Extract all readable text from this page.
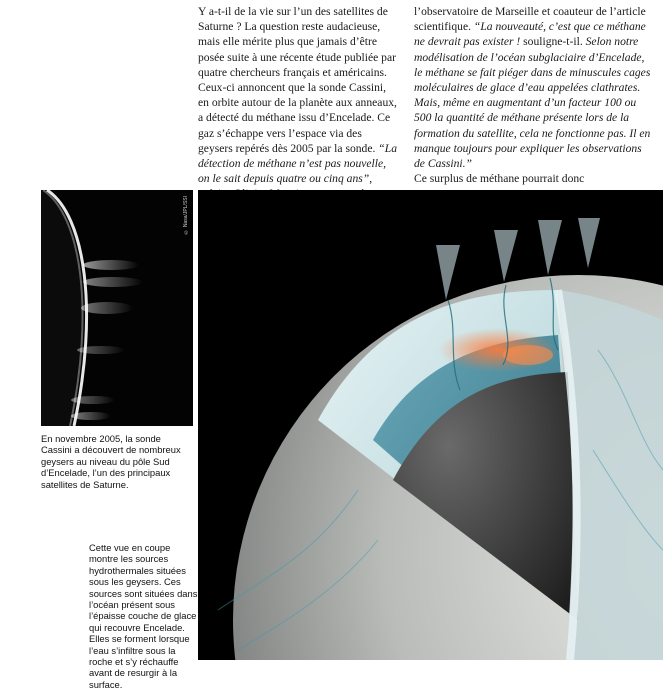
Y a-t-il de la vie sur l’un des satellites de Saturne ? La question reste audacieuse, mais elle mérite plus que jamais d’être posée suite à une récente étude publiée par quatre chercheurs français et américains. Ceux-ci annoncent que la sonde Cassini, en orbite autour de la planète aux anneaux, a détecté du méthane issu d’Encelade. Ce gaz s’échappe vers l’espace via des geysers repérés dès 2005 par la sonde. “La détection de méthane n’est pas nouvelle, on le sait depuis quatre ou cinq ans”,

l’observatoire de Marseille et coauteur de l’article scientifique. “La nouveauté, c’est que ce méthane ne devrait pas exister ! souligne-t-il. Selon notre modélisation de l’océan subglaciaire d’Encelade, le méthane se fait piéger dans de minuscules cages moléculaires de glace d’eau appelées clathrates. Mais, même en augmentant d’un facteur 100 ou 500 la quantité de méthane présente lors de la formation du satellite, cela ne fonctionne pas. Il en manque toujours pour expliquer les observations de Cassini.”

Ce surplus de méthane pourrait donc

© Nasa/JPL/SSI
En novembre 2005, la sonde Cassini a découvert de nombreux geysers au niveau du pôle Sud d’Encelade, l’un des principaux satellites de Saturne.
Cette vue en coupe montre les sources hydrothermales situées sous les geysers. Ces sources sont situées dans l’océan présent sous l’épaisse couche de glace qui recouvre Encelade. Elles se forment lorsque l’eau s’infiltre sous la roche et s’y réchauffe avant de resurgir à la surface.
